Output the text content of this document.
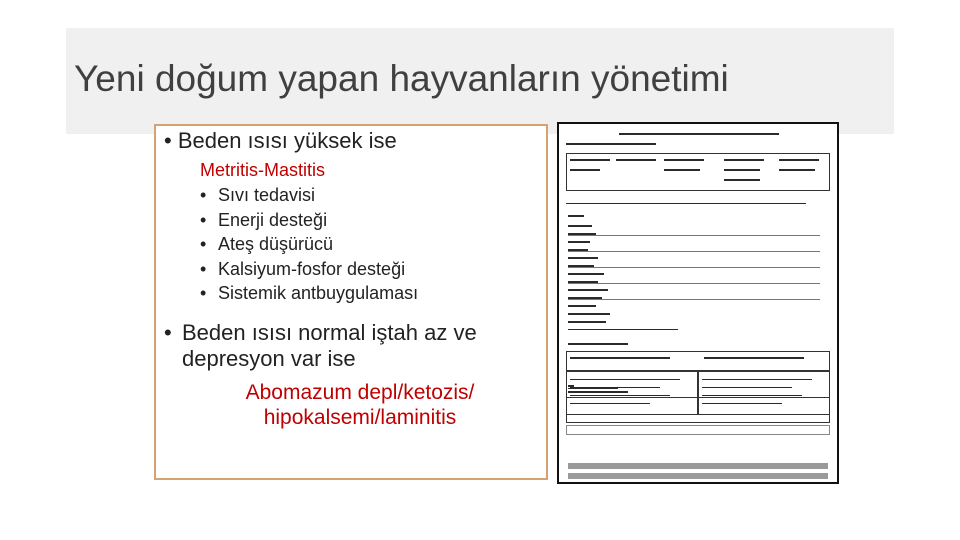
Yeni doğum yapan hayvanların yönetimi
• Beden ısısı yüksek ise
Metritis-Mastitis
• Sıvı tedavisi
• Enerji desteği
• Ateş düşürücü
• Kalsiyum-fosfor desteği
• Sistemik antbuygulaması
• Beden ısısı normal iştah az ve depresyon var ise
Abomazum depl/ketozis/
hipokalsemi/laminitis
